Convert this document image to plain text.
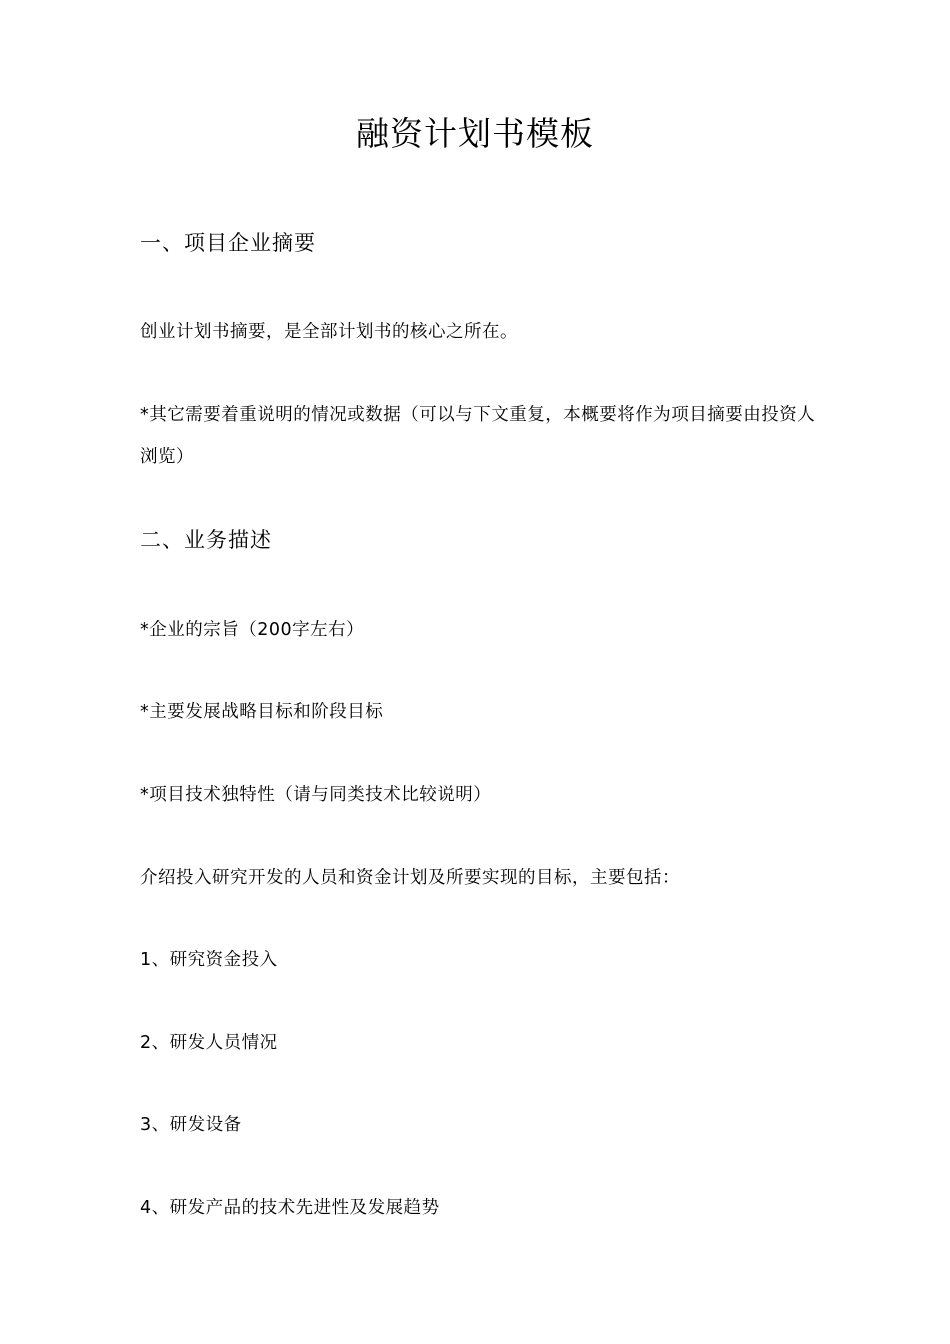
融资计划书模板
一、项目企业摘要
创业计划书摘要，是全部计划书的核心之所在。
*其它需要着重说明的情况或数据（可以与下文重复，本概要将作为项目摘要由投资人浏览）
二、业务描述
*企业的宗旨（200字左右）
*主要发展战略目标和阶段目标
*项目技术独特性（请与同类技术比较说明）
介绍投入研究开发的人员和资金计划及所要实现的目标，主要包括：
1、研究资金投入
2、研发人员情况
3、研发设备
4、研发产品的技术先进性及发展趋势
